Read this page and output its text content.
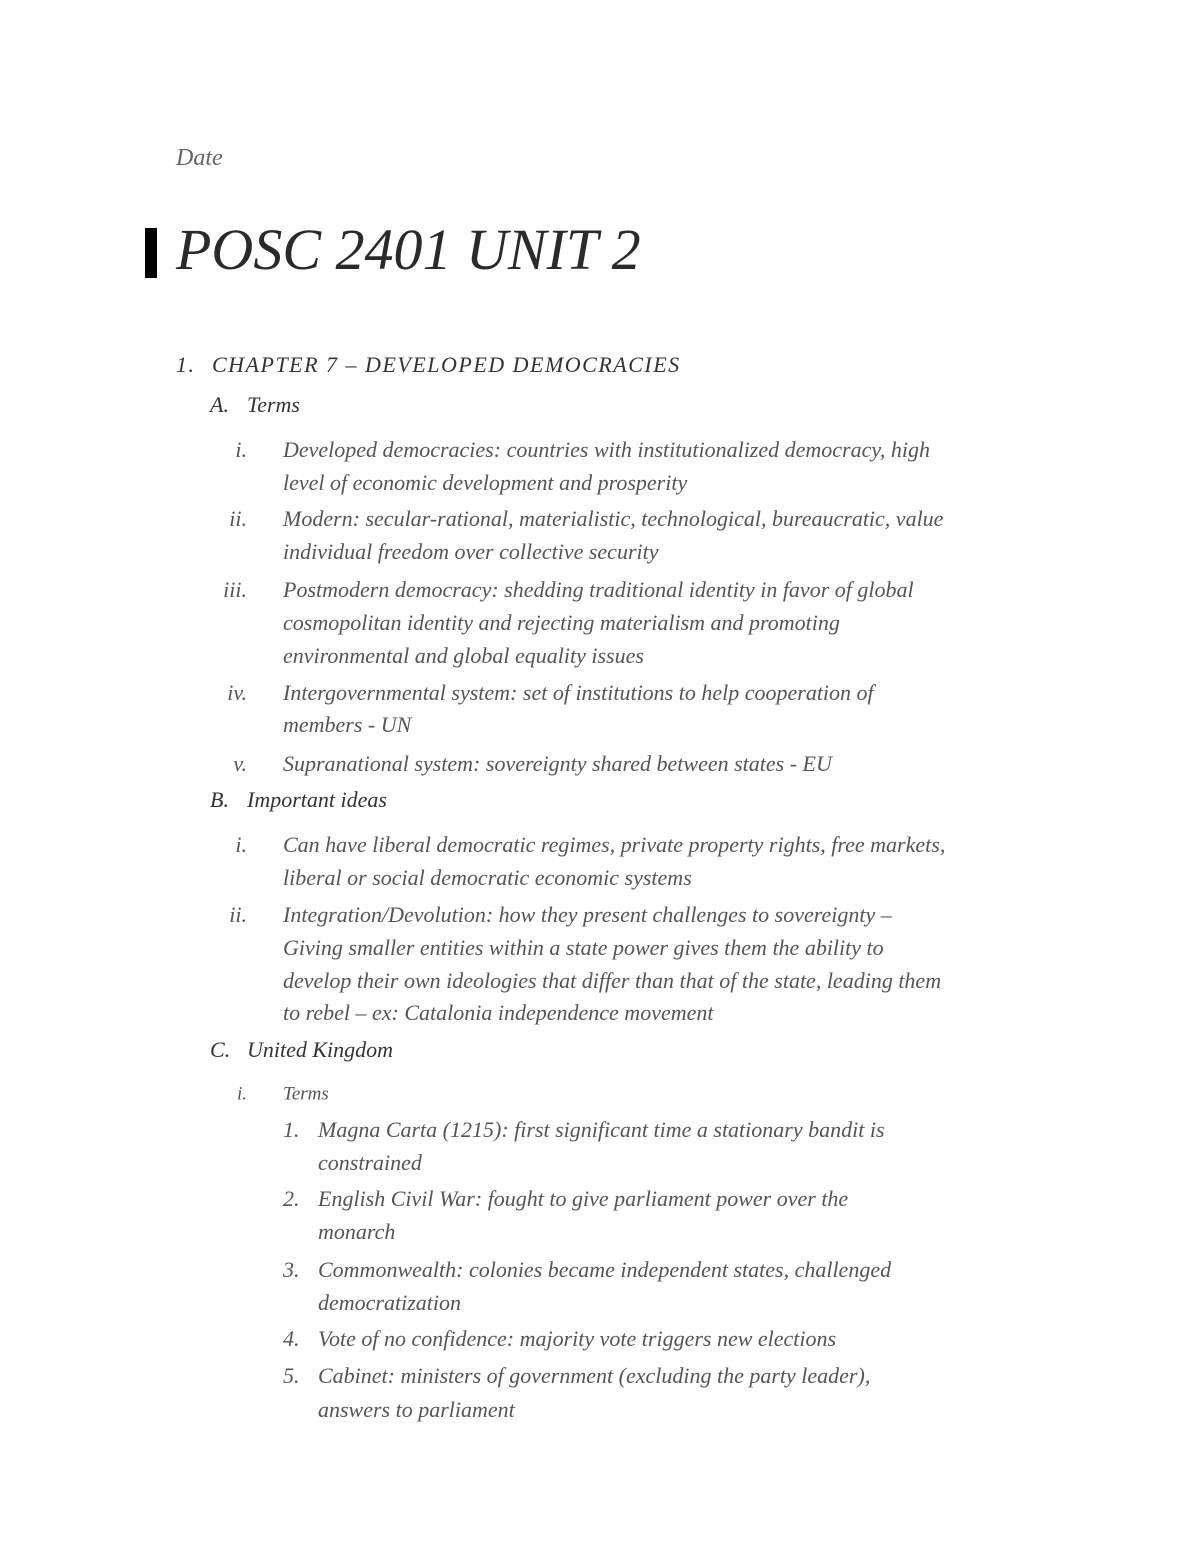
Date
POSC 2401 UNIT 2
1. CHAPTER 7 – DEVELOPED DEMOCRACIES
A. Terms
i. Developed democracies: countries with institutionalized democracy, high
level of economic development and prosperity
ii. Modern: secular-rational, materialistic, technological, bureaucratic, value
individual freedom over collective security
iii. Postmodern democracy: shedding traditional identity in favor of global
cosmopolitan identity and rejecting materialism and promoting
environmental and global equality issues
iv. Intergovernmental system: set of institutions to help cooperation of
members - UN
v. Supranational system: sovereignty shared between states - EU
B. Important ideas
i. Can have liberal democratic regimes, private property rights, free markets,
liberal or social democratic economic systems
ii. Integration/Devolution: how they present challenges to sovereignty –
Giving smaller entities within a state power gives them the ability to
develop their own ideologies that differ than that of the state, leading them
to rebel – ex: Catalonia independence movement
C. United Kingdom
i. Terms
1. Magna Carta (1215): first significant time a stationary bandit is
constrained
2. English Civil War: fought to give parliament power over the
monarch
3. Commonwealth: colonies became independent states, challenged
democratization
4. Vote of no confidence: majority vote triggers new elections
5. Cabinet: ministers of government (excluding the party leader),
answers to parliament
